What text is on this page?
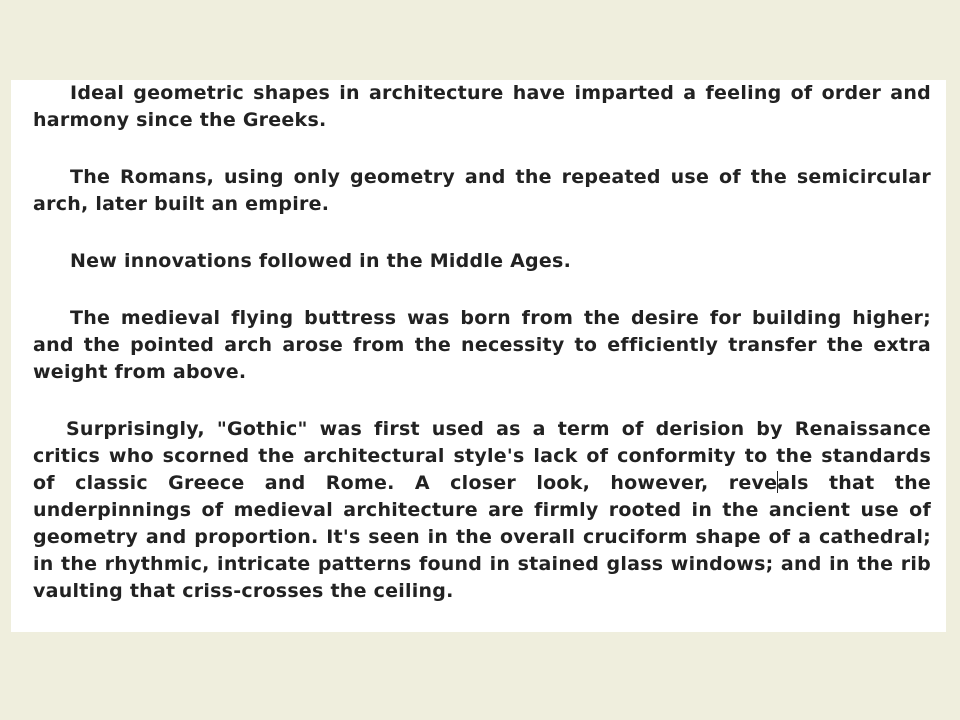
Ideal geometric shapes in architecture have imparted a feeling of order and harmony since the Greeks.

The Romans, using only geometry and the repeated use of the semicircular arch, later built an empire.

New innovations followed in the Middle Ages.

The medieval flying buttress was born from the desire for building higher; and the pointed arch arose from the necessity to efficiently transfer the extra weight from above.

Surprisingly, "Gothic" was first used as a term of derision by Renaissance critics who scorned the architectural style's lack of conformity to the standards of classic Greece and Rome. A closer look, however, reveals that the underpinnings of medieval architecture are firmly rooted in the ancient use of geometry and proportion. It's seen in the overall cruciform shape of a cathedral; in the rhythmic, intricate patterns found in stained glass windows; and in the rib vaulting that criss-crosses the ceiling.
